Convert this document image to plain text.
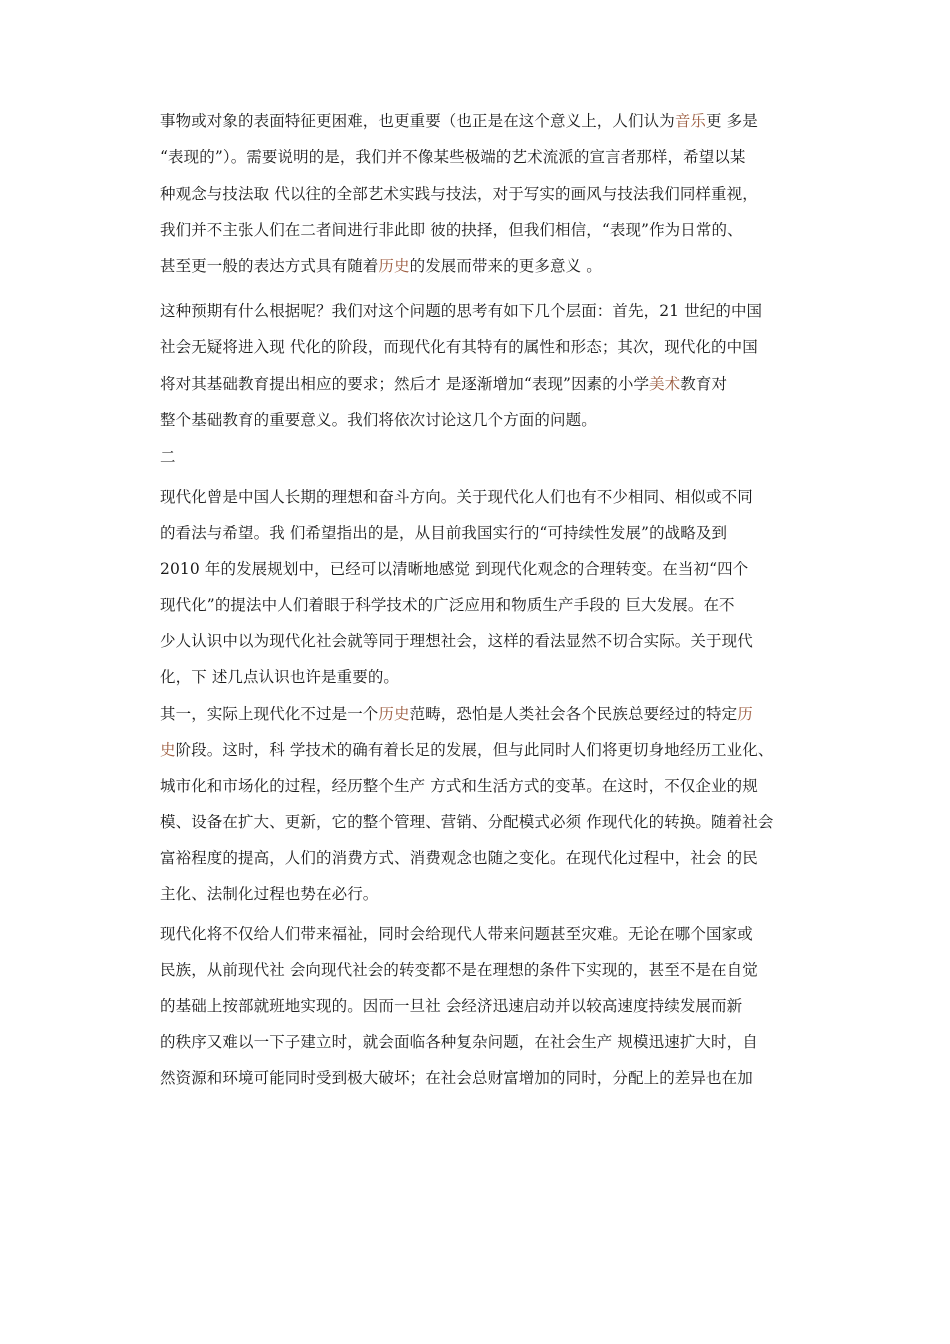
事物或对象的表面特征更困难，也更重要（也正是在这个意义上，人们认为音乐更 多是
“表现的”）。需要说明的是，我们并不像某些极端的艺术流派的宣言者那样，希望以某
种观念与技法取 代以往的全部艺术实践与技法，对于写实的画风与技法我们同样重视，
我们并不主张人们在二者间进行非此即 彼的抉择，但我们相信，“表现”作为日常的、
甚至更一般的表达方式具有随着历史的发展而带来的更多意义 。
这种预期有什么根据呢？我们对这个问题的思考有如下几个层面：首先，21 世纪的中国
社会无疑将进入现 代化的阶段，而现代化有其特有的属性和形态；其次，现代化的中国
将对其基础教育提出相应的要求；然后才 是逐渐增加“表现”因素的小学美术教育对
整个基础教育的重要意义。我们将依次讨论这几个方面的问题。
二
现代化曾是中国人长期的理想和奋斗方向。关于现代化人们也有不少相同、相似或不同
的看法与希望。我 们希望指出的是，从目前我国实行的“可持续性发展”的战略及到
2010 年的发展规划中，已经可以清晰地感觉 到现代化观念的合理转变。在当初“四个
现代化”的提法中人们着眼于科学技术的广泛应用和物质生产手段的 巨大发展。在不
少人认识中以为现代化社会就等同于理想社会，这样的看法显然不切合实际。关于现代
化，下 述几点认识也许是重要的。
其一，实际上现代化不过是一个历史范畴，恐怕是人类社会各个民族总要经过的特定历
史阶段。这时，科 学技术的确有着长足的发展，但与此同时人们将更切身地经历工业化、
城市化和市场化的过程，经历整个生产 方式和生活方式的变革。在这时，不仅企业的规
模、设备在扩大、更新，它的整个管理、营销、分配模式必须 作现代化的转换。随着社会
富裕程度的提高，人们的消费方式、消费观念也随之变化。在现代化过程中，社会 的民
主化、法制化过程也势在必行。
现代化将不仅给人们带来福祉，同时会给现代人带来问题甚至灾难。无论在哪个国家或
民族，从前现代社 会向现代社会的转变都不是在理想的条件下实现的，甚至不是在自觉
的基础上按部就班地实现的。因而一旦社 会经济迅速启动并以较高速度持续发展而新
的秩序又难以一下子建立时，就会面临各种复杂问题，在社会生产 规模迅速扩大时，自
然资源和环境可能同时受到极大破坏；在社会总财富增加的同时，分配上的差异也在加
